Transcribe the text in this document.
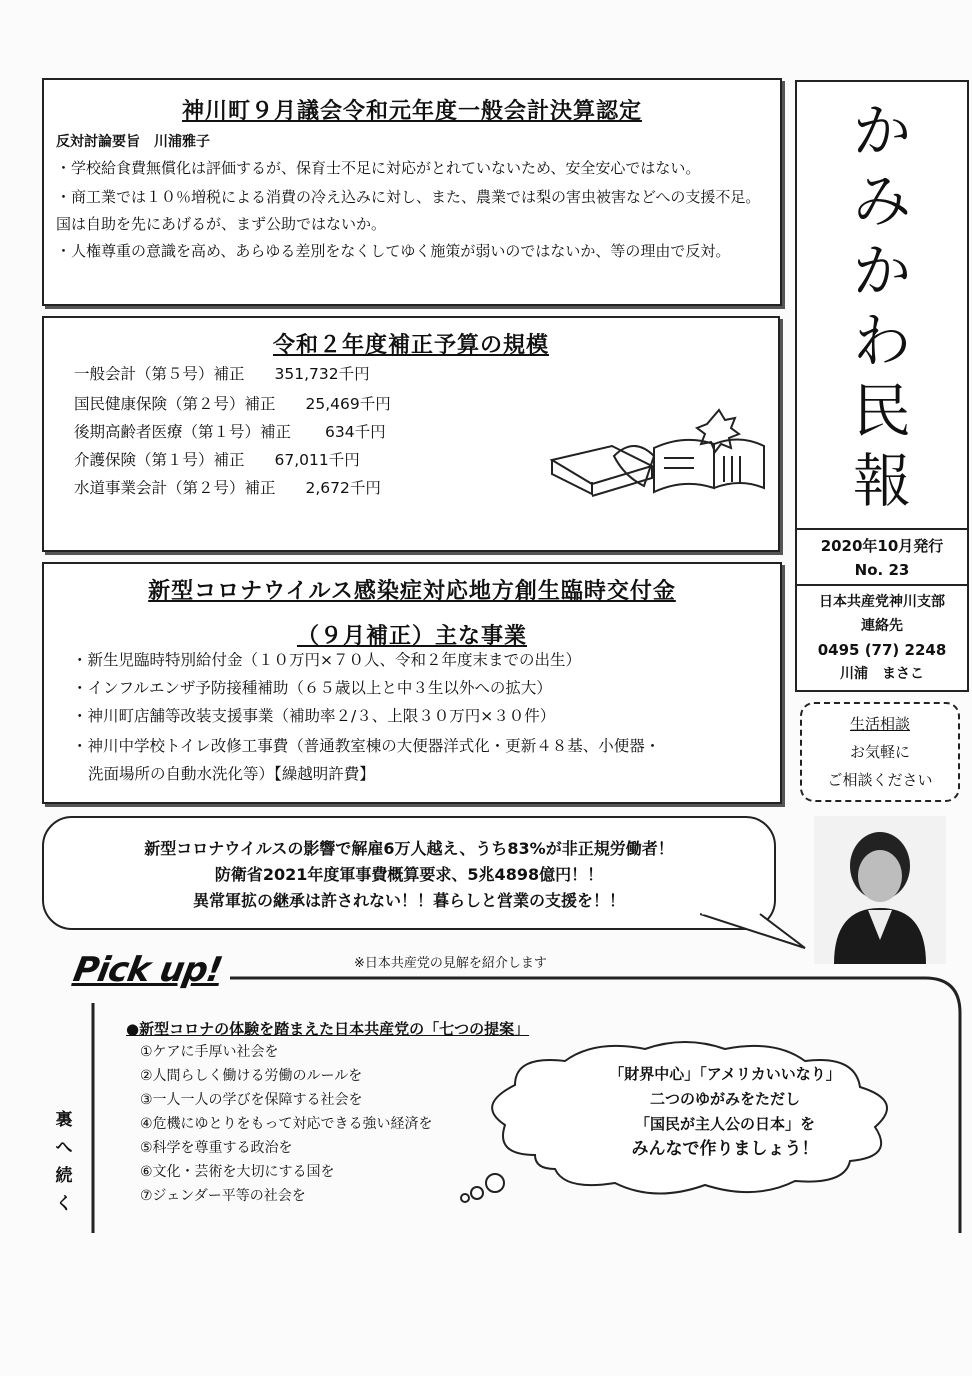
神川町９月議会令和元年度一般会計決算認定
反対討論要旨　川浦雅子
・学校給食費無償化は評価するが、保育士不足に対応がとれていないため、安全安心ではない。
・商工業では１０％増税による消費の冷え込みに対し、また、農業では梨の害虫被害などへの支援不足。国は自助を先にあげるが、まず公助ではないか。
・人権尊重の意識を高め、あらゆる差別をなくしてゆく施策が弱いのではないか、等の理由で反対。
令和２年度補正予算の規模
一般会計（第５号）補正 351,732千円
国民健康保険（第２号）補正 25,469千円
後期高齢者医療（第１号）補正 634千円
介護保険（第１号）補正 67,011千円
水道事業会計（第２号）補正 2,672千円
新型コロナウイルス感染症対応地方創生臨時交付金
（９月補正）主な事業
・新生児臨時特別給付金（１０万円×７０人、令和２年度末までの出生）
・インフルエンザ予防接種補助（６５歳以上と中３生以外への拡大）
・神川町店舗等改装支援事業（補助率２/３、上限３０万円×３０件）
・神川中学校トイレ改修工事費（普通教室棟の大便器洋式化・更新４８基、小便器・
洗面場所の自動水洗化等）【繰越明許費】
か
み
か
わ
民
報
2020年10月発行
No. 23
日本共産党神川支部
連絡先
0495 (77) 2248
川浦　まさこ
生活相談
お気軽に
ご相談ください
新型コロナウイルスの影響で解雇6万人越え、うち83%が非正規労働者！
防衛省2021年度軍事費概算要求、5兆4898億円！！
異常軍拡の継承は許されない！！暮らしと営業の支援を！！
Pick up!	※日本共産党の見解を紹介します
●新型コロナの体験を踏まえた日本共産党の「七つの提案」
①ケアに手厚い社会を
②人間らしく働ける労働のルールを
③一人一人の学びを保障する社会を
④危機にゆとりをもって対応できる強い経済を
⑤科学を尊重する政治を
⑥文化・芸術を大切にする国を
⑦ジェンダー平等の社会を
「財界中心」「アメリカいいなり」
二つのゆがみをただし
「国民が主人公の日本」を
みんなで作りましょう！
裏
へ
続
く
